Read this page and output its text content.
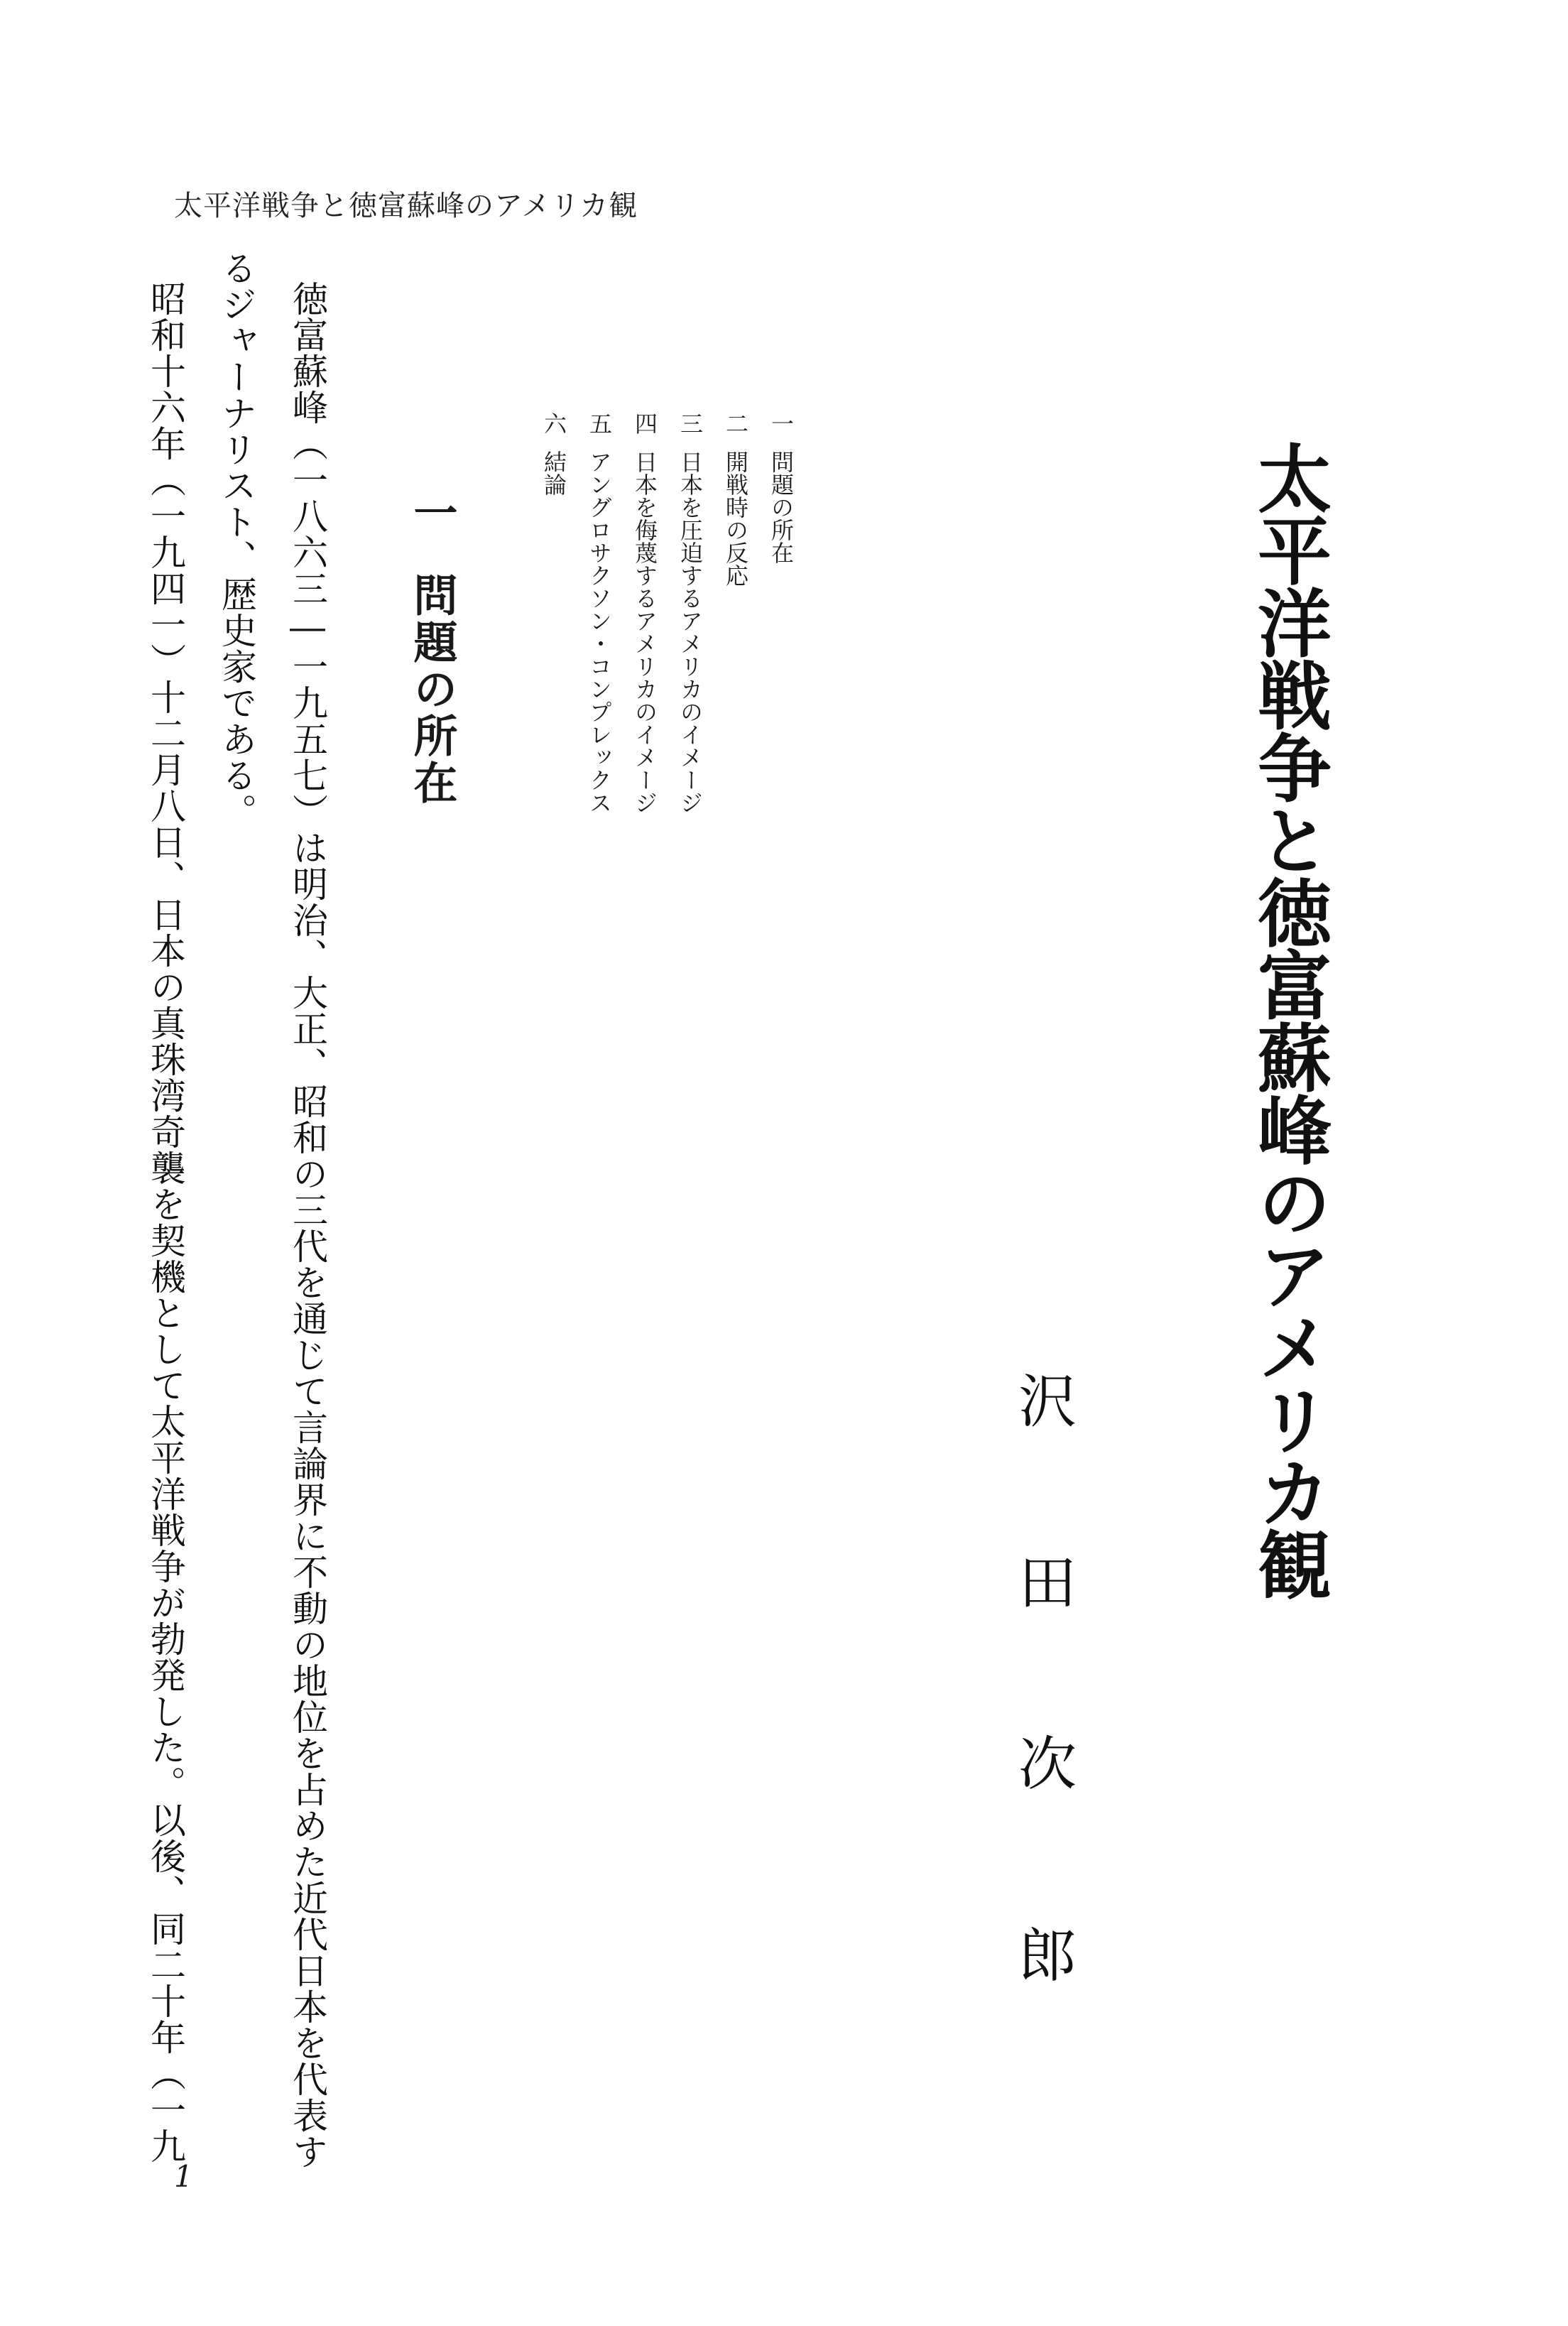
太平洋戦争と徳富蘇峰のアメリカ観

太平洋戦争と徳富蘇峰のアメリカ観

沢

田

次

郎

一問題の所在
二開戦時の反応
三日本を圧迫するアメリカのイメージ
四日本を侮蔑するアメリカのイメージ
五アングロサクソン・コンプレックス
六結論
一問題の所在

徳富蘇峰（一八六三―一九五七）は明治、大正、昭和の三代を通じて言論界に不動の地位を占めた近代日本を代表す

るジャーナリスト、歴史家である。

昭和十六年（一九四一）十二月八日、日本の真珠湾奇襲を契機として太平洋戦争が勃発した。以後、同二十年（一九

1
